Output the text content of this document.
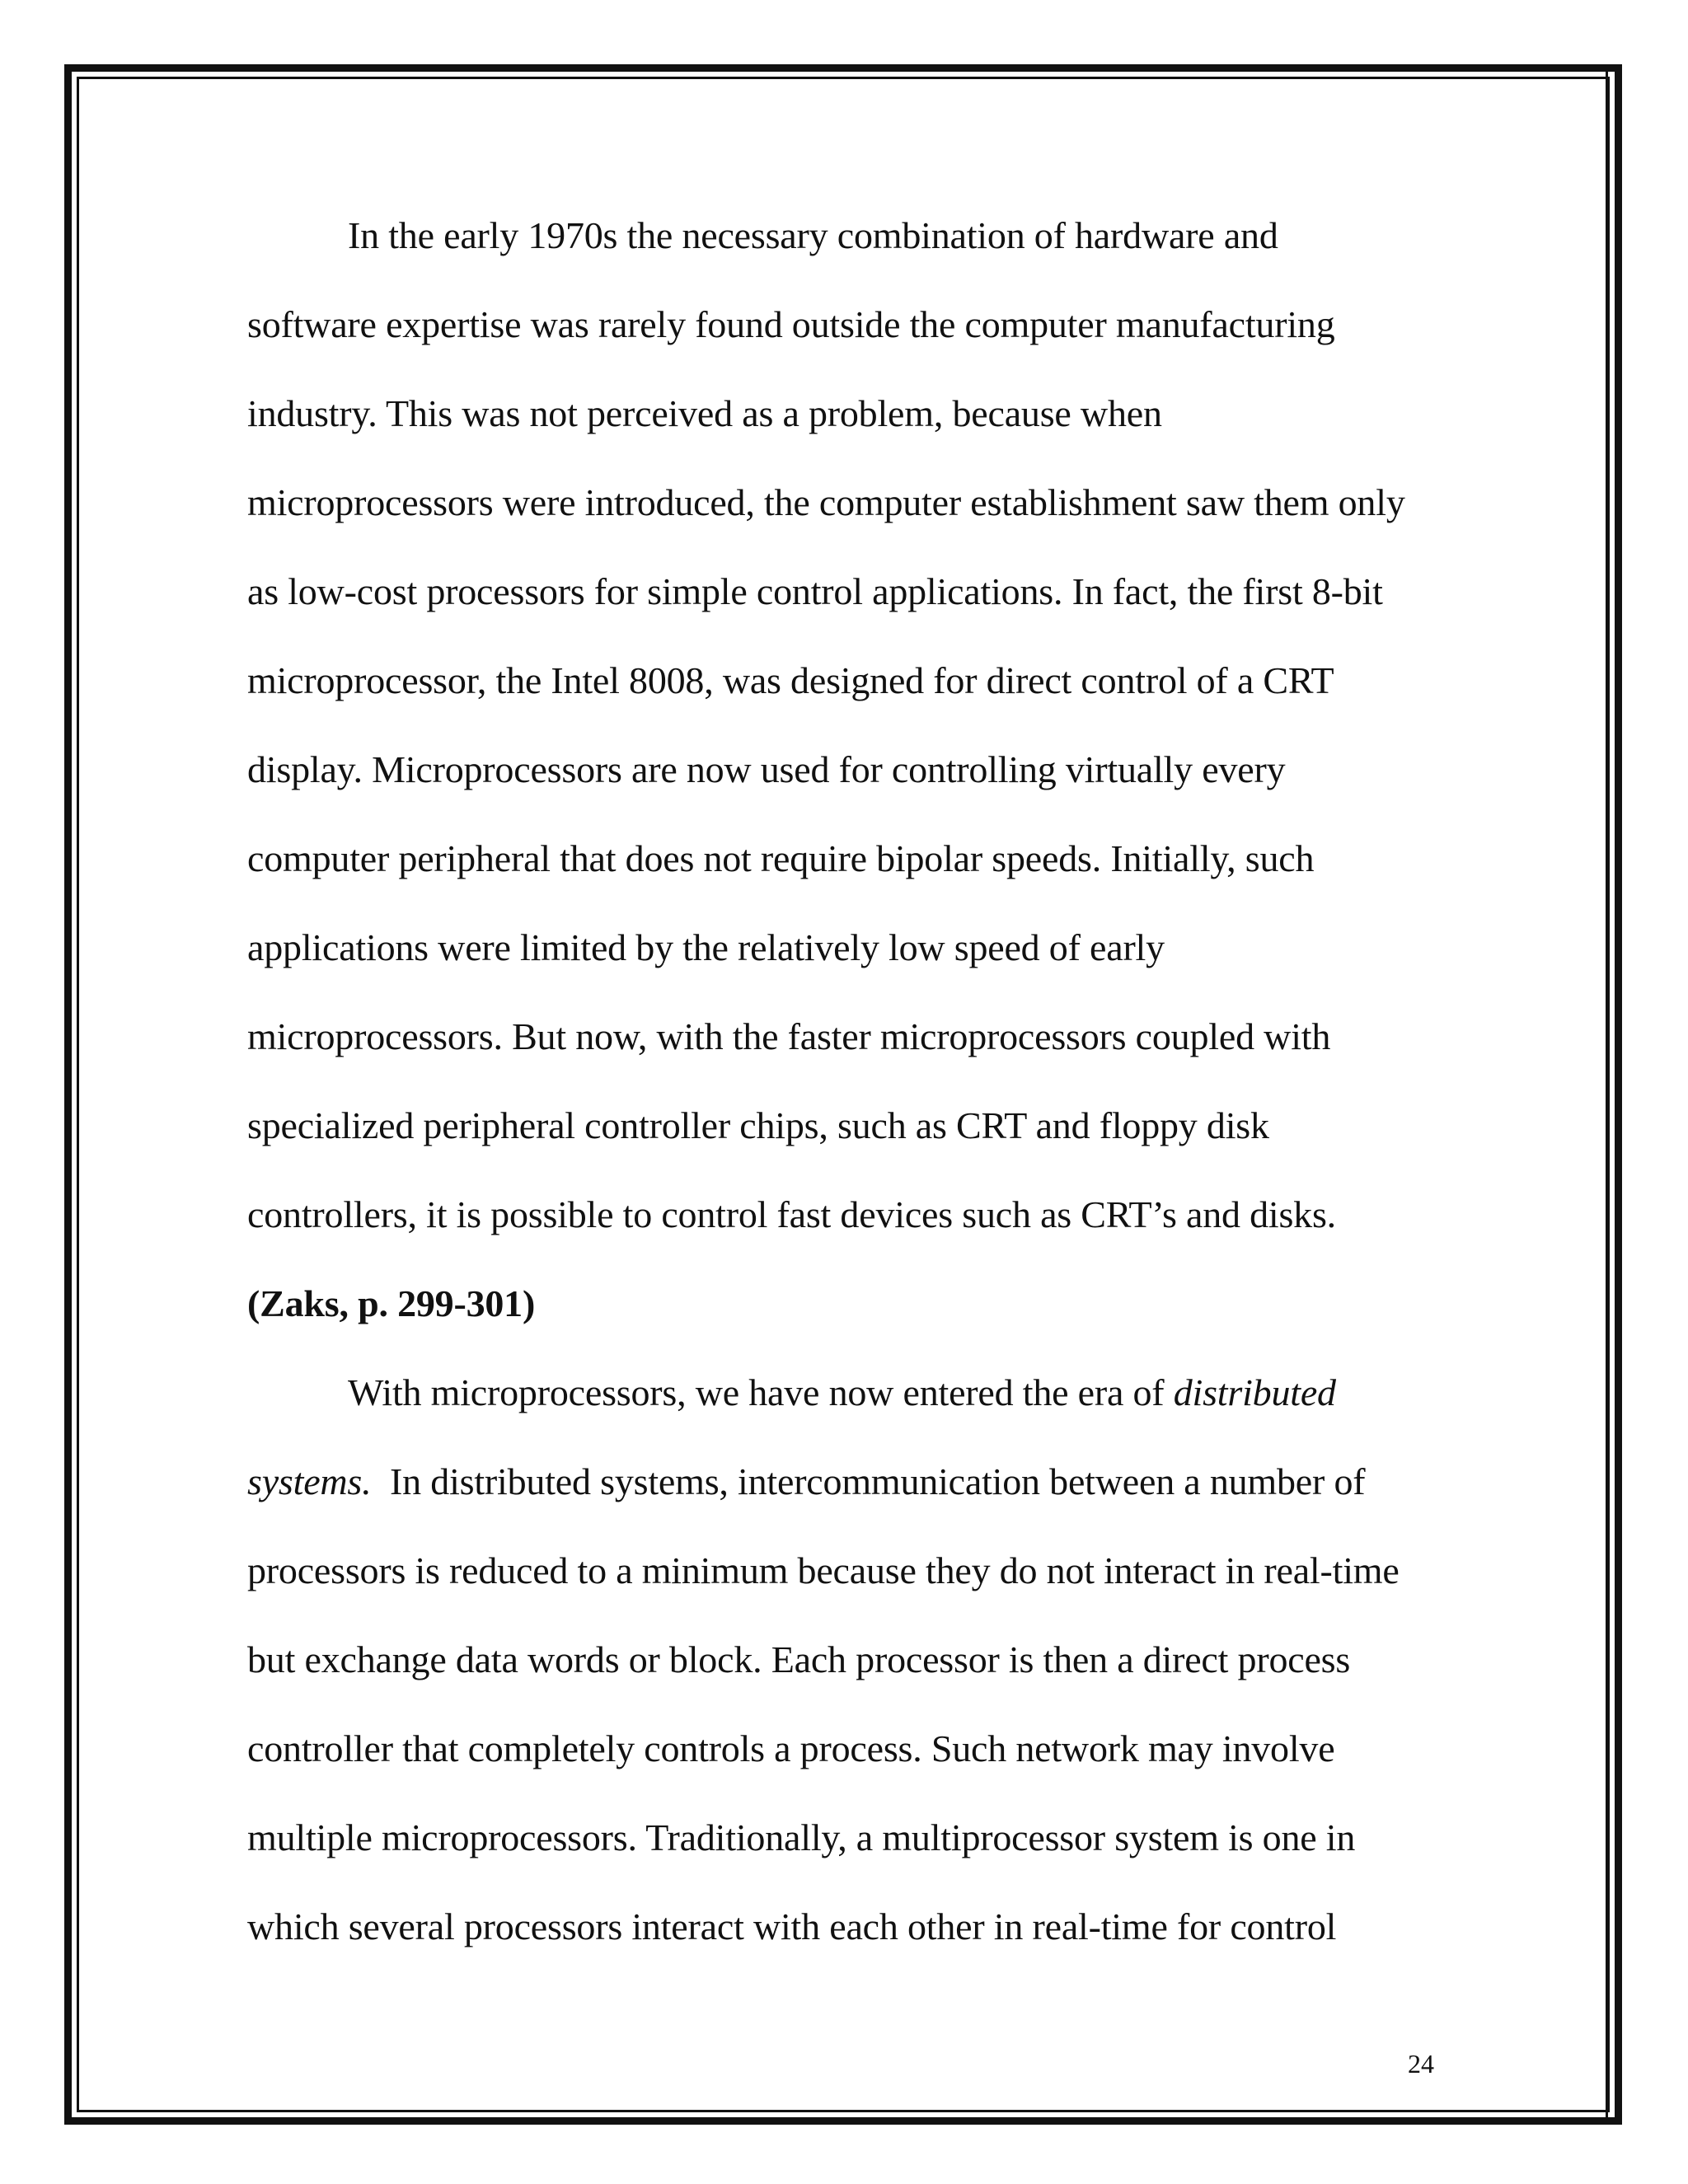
In the early 1970s the necessary combination of hardware and
software expertise was rarely found outside the computer manufacturing
industry. This was not perceived as a problem, because when
microprocessors were introduced, the computer establishment saw them only
as low-cost processors for simple control applications. In fact, the first 8-bit
microprocessor, the Intel 8008, was designed for direct control of a CRT
display. Microprocessors are now used for controlling virtually every
computer peripheral that does not require bipolar speeds. Initially, such
applications were limited by the relatively low speed of early
microprocessors. But now, with the faster microprocessors coupled with
specialized peripheral controller chips, such as CRT and floppy disk
controllers, it is possible to control fast devices such as CRT’s and disks.
(Zaks, p. 299-301)
With microprocessors, we have now entered the era of distributed
systems.  In distributed systems, intercommunication between a number of
processors is reduced to a minimum because they do not interact in real-time
but exchange data words or block. Each processor is then a direct process
controller that completely controls a process. Such network may involve
multiple microprocessors. Traditionally, a multiprocessor system is one in
which several processors interact with each other in real-time for control
24
